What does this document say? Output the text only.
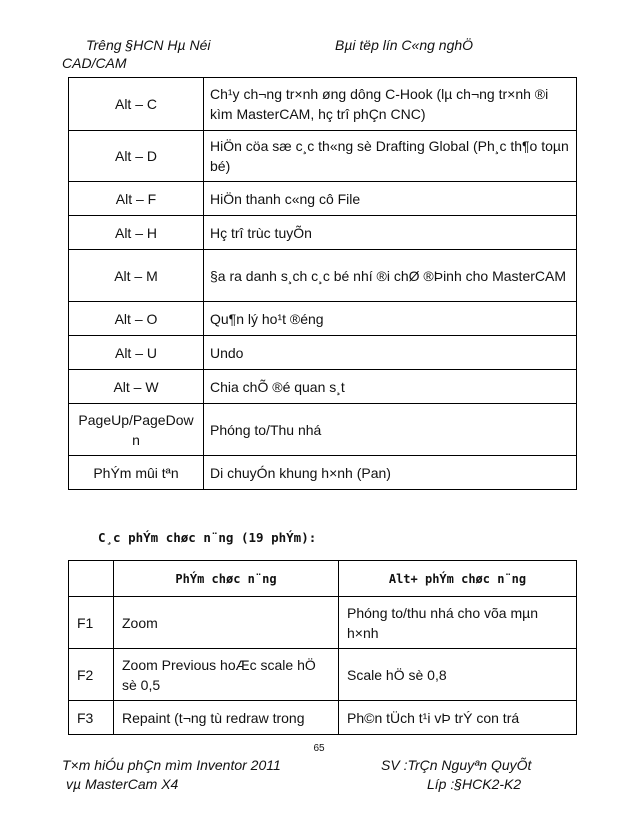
Trêng §HCN Hµ Néi
CAD/CAM
Bµi tëp lín C«ng nghÖ
Alt – C	Ch¹y ch¬ng tr×nh øng dông C-Hook (lµ ch¬ng tr×nh ®i kìm MasterCAM, hç trî phÇn CNC)
Alt – D	HiÖn cöa sæ c¸c th«ng sè Drafting Global (Ph¸c th¶o toµn bé)
Alt – F	HiÖn thanh c«ng cô File
Alt – H	Hç trî trùc tuyÕn
Alt – M	§a ra danh s¸ch c¸c bé nhí ®i chØ ®Þinh cho MasterCAM
Alt – O	Qu¶n lý ho¹t ®éng
Alt – U	Undo
Alt – W	Chia chÕ ®é quan s¸t
PageUp/PageDown	Phóng to/Thu nhá
PhÝm mûi tªn	Di chuyÓn khung h×nh (Pan)
C¸c phÝm chøc n¨ng (19 phÝm):
	PhÝm chøc n¨ng	Alt+ phÝm chøc n¨ng
F1	Zoom	Phóng to/thu nhá cho võa mµn h×nh
F2	Zoom Previous hoÆc scale hÖ sè 0,5	Scale hÖ sè 0,8
F3	Repaint (t¬ng tù redraw trong	Ph©n tÜch t¹i vÞ trÝ con trá
65
T×m hiÓu phÇn mìm Inventor 2011
vµ MasterCam X4
SV :TrÇn Nguyªn QuyÕt
Líp :§HCK2-K2
